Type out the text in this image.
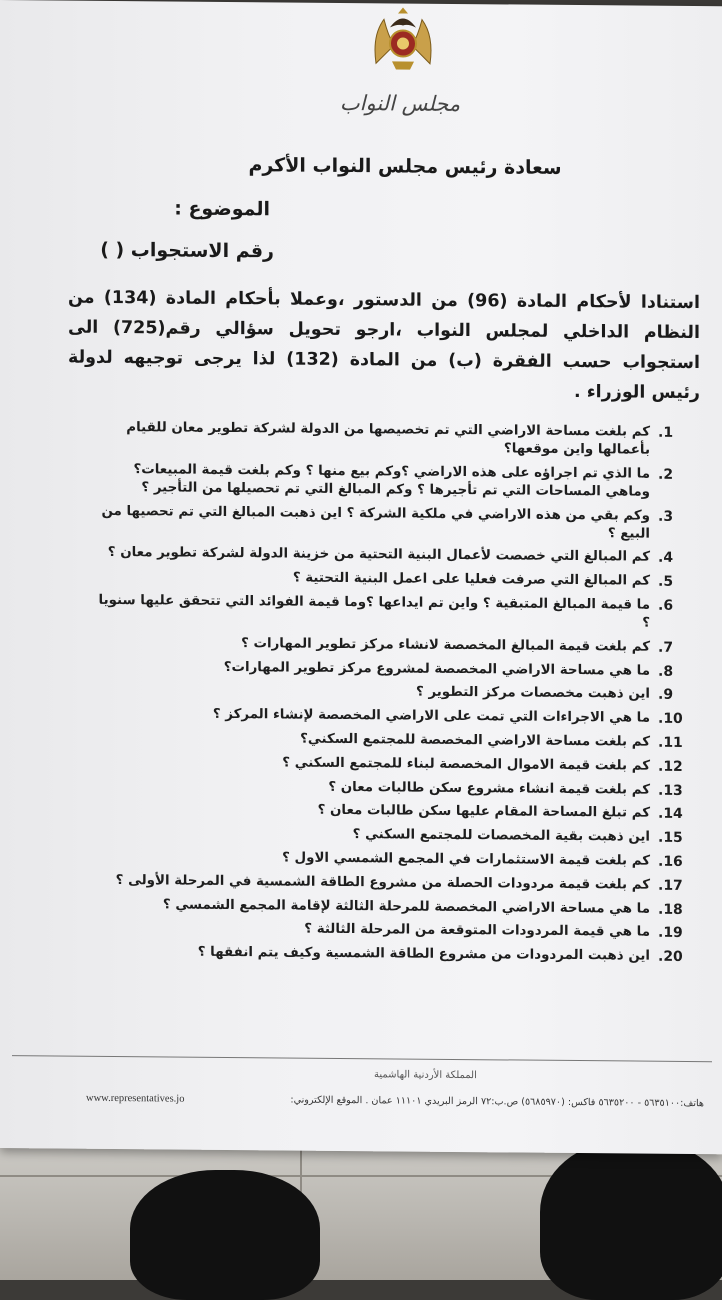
مجلس النواب
سعادة رئيس مجلس النواب الأكرم
الموضوع :
رقم الاستجواب ( )
استنادا لأحكام المادة (96) من الدستور ،وعملا بأحكام المادة (134) من النظام الداخلي لمجلس النواب ،ارجو تحويل سؤالي رقم(725) الى استجواب حسب الفقرة (ب) من المادة (132) لذا يرجى توجيهه لدولة رئيس الوزراء .
.1
كم بلغت مساحة الاراضي التي تم تخصيصها من الدولة لشركة تطوير معان للقيام بأعمالها واين موقعها؟
.2
ما الذي تم اجراؤه على هذه الاراضي ؟وكم بيع منها ؟ وكم بلغت قيمة المبيعات؟ وماهي المساحات التي تم تأجيرها ؟ وكم المبالغ التي تم تحصيلها من التأجير ؟
.3
وكم بقي من هذه الاراضي في ملكية الشركة ؟ اين ذهبت المبالغ التي تم تحصيها من البيع ؟
.4
كم المبالغ التي خصصت لأعمال البنية التحتية من خزينة الدولة لشركة تطوير معان ؟
.5
كم المبالغ التي صرفت فعليا على اعمل البنية التحتية ؟
.6
ما قيمة المبالغ المتبقية ؟ واين تم ايداعها ؟وما قيمة الفوائد التي تتحقق عليها سنويا ؟
.7
كم بلغت قيمة المبالغ المخصصة لانشاء مركز تطوير المهارات ؟
.8
ما هي مساحة الاراضي المخصصة لمشروع مركز تطوير المهارات؟
.9
اين ذهبت مخصصات مركز التطوير ؟
.10
ما هي الاجراءات التي تمت على الاراضي المخصصة لإنشاء المركز ؟
.11
كم بلغت مساحة الاراضي المخصصة للمجتمع السكني؟
.12
كم بلغت قيمة الاموال المخصصة لبناء للمجتمع السكني ؟
.13
كم بلغت قيمة انشاء مشروع سكن طالبات معان ؟
.14
كم تبلغ المساحة المقام عليها سكن طالبات معان ؟
.15
اين ذهبت بقية المخصصات للمجتمع السكني ؟
.16
كم بلغت قيمة الاستثمارات في المجمع الشمسي الاول ؟
.17
كم بلغت قيمة مردودات الحصلة من مشروع الطاقة الشمسية في المرحلة الأولى ؟
.18
ما هي مساحة الاراضي المخصصة للمرحلة الثالثة لإقامة المجمع الشمسي ؟
.19
ما هي قيمة المردودات المتوقعة من المرحلة الثالثة ؟
.20
اين ذهبت المردودات من مشروع الطاقة الشمسية وكيف يتم انفقها ؟
المملكة الأردنية الهاشمية
هاتف:٥٦٣٥١٠٠ - ٥٦٣٥٢٠٠ فاكس: (٥٦٨٥٩٧٠) ص.ب:٧٢ الرمز البريدي ١١١٠١ عمان . الموقع الإلكتروني:
www.representatives.jo
